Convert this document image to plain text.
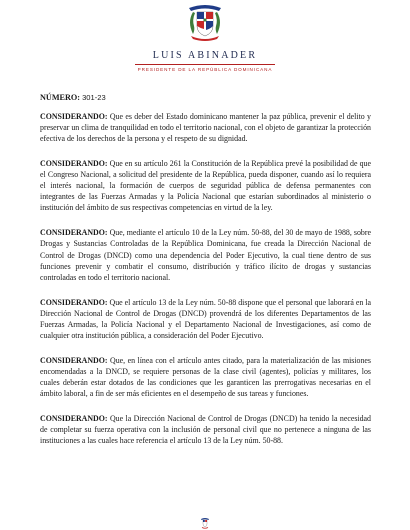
LUIS ABINADER
PRESIDENTE DE LA REPÚBLICA DOMINICANA
NÚMERO: 301-23

CONSIDERANDO: Que es deber del Estado dominicano mantener la paz pública, prevenir el delito y preservar un clima de tranquilidad en todo el territorio nacional, con el objeto de garantizar la protección efectiva de los derechos de la persona y el respeto de su dignidad.

CONSIDERANDO: Que en su artículo 261 la Constitución de la República prevé la posibilidad de que el Congreso Nacional, a solicitud del presidente de la República, pueda disponer, cuando así lo requiera el interés nacional, la formación de cuerpos de seguridad pública de defensa permanentes con integrantes de las Fuerzas Armadas y la Policía Nacional que estarían subordinados al ministerio o institución del ámbito de sus respectivas competencias en virtud de la ley.

CONSIDERANDO: Que, mediante el artículo 10 de la Ley núm. 50-88, del 30 de mayo de 1988, sobre Drogas y Sustancias Controladas de la República Dominicana, fue creada la Dirección Nacional de Control de Drogas (DNCD) como una dependencia del Poder Ejecutivo, la cual tiene dentro de sus funciones prevenir y combatir el consumo, distribución y tráfico ilícito de drogas y sustancias controladas en todo el territorio nacional.

CONSIDERANDO: Que el artículo 13 de la Ley núm. 50-88 dispone que el personal que laborará en la Dirección Nacional de Control de Drogas (DNCD) provendrá de los diferentes Departamentos de las Fuerzas Armadas, la Policía Nacional y el Departamento Nacional de Investigaciones, así como de cualquier otra institución pública, a consideración del Poder Ejecutivo.

CONSIDERANDO: Que, en línea con el artículo antes citado, para la materialización de las misiones encomendadas a la DNCD, se requiere personas de la clase civil (agentes), policías y militares, los cuales deberán estar dotados de las condiciones que les garanticen las prerrogativas necesarias en el ámbito laboral, a fin de ser más eficientes en el desempeño de sus tareas y funciones.

CONSIDERANDO: Que la Dirección Nacional de Control de Drogas (DNCD) ha tenido la necesidad de completar su fuerza operativa con la inclusión de personal civil que no pertenece a ninguna de las instituciones a las cuales hace referencia el artículo 13 de la Ley núm. 50-88.
